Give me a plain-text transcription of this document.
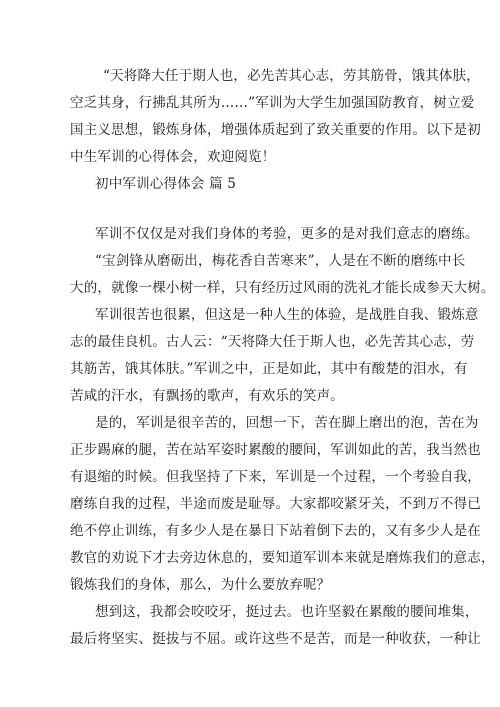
“天将降大任于期人也，必先苦其心志，劳其筋骨，饿其体肤，
空乏其身，行拂乱其所为……”军训为大学生加强国防教育，树立爱
国主义思想，锻炼身体，增强体质起到了致关重要的作用。以下是初
中生军训的心得体会，欢迎阅览！
初中军训心得体会 篇 5
军训不仅仅是对我们身体的考验，更多的是对我们意志的磨练。
“宝剑锋从磨砺出，梅花香自苦寒来”，人是在不断的磨练中长
大的，就像一棵小树一样，只有经历过风雨的洗礼才能长成参天大树。
军训很苦也很累，但这是一种人生的体验，是战胜自我、锻炼意
志的最佳良机。古人云：“天将降大任于斯人也，必先苦其心志，劳
其筋苦，饿其体肤。”军训之中，正是如此，其中有酸楚的泪水，有
苦咸的汗水，有飘扬的歌声，有欢乐的笑声。
是的，军训是很辛苦的，回想一下，苦在脚上磨出的泡，苦在为
正步踢麻的腿，苦在站军姿时累酸的腰间，军训如此的苦，我当然也
有退缩的时候。但我坚持了下来，军训是一个过程，一个考验自我，
磨练自我的过程，半途而废是耻辱。大家都咬紧牙关，不到万不得已
绝不停止训练，有多少人是在暴日下站着倒下去的，又有多少人是在
教官的劝说下才去旁边休息的，要知道军训本来就是磨炼我们的意志，
锻炼我们的身体，那么，为什么要放弃呢？
想到这，我都会咬咬牙，挺过去。也许坚毅在累酸的腰间堆集，
最后将坚实、挺拔与不屈。或许这些不是苦，而是一种收获，一种让
